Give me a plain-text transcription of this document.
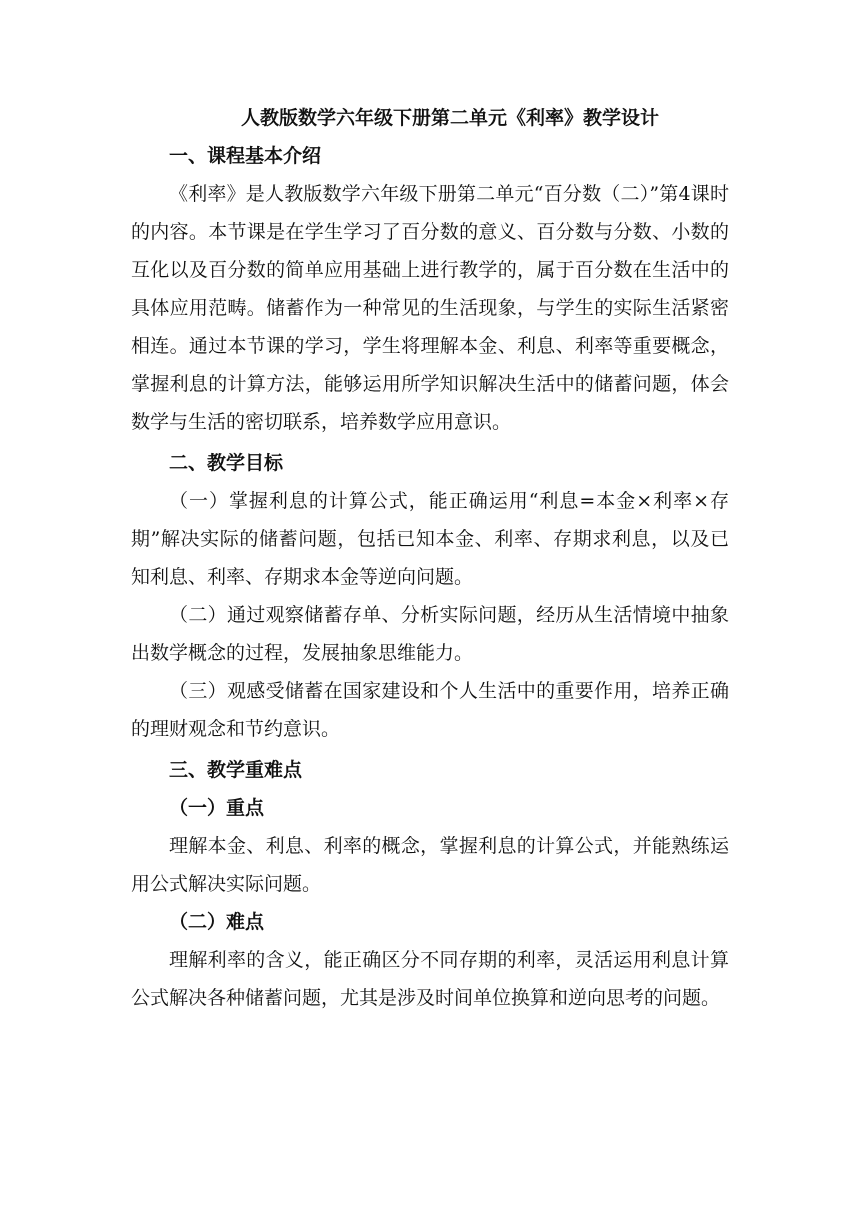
人教版数学六年级下册第二单元《利率》教学设计
一、课程基本介绍

《利率》是人教版数学六年级下册第二单元“百分数（二）”第4课时的内容。本节课是在学生学习了百分数的意义、百分数与分数、小数的互化以及百分数的简单应用基础上进行教学的，属于百分数在生活中的具体应用范畴。储蓄作为一种常见的生活现象，与学生的实际生活紧密相连。通过本节课的学习，学生将理解本金、利息、利率等重要概念，掌握利息的计算方法，能够运用所学知识解决生活中的储蓄问题，体会数学与生活的密切联系，培养数学应用意识。

二、教学目标

（一）掌握利息的计算公式，能正确运用“利息=本金×利率×存期”解决实际的储蓄问题，包括已知本金、利率、存期求利息，以及已知利息、利率、存期求本金等逆向问题。

（二）通过观察储蓄存单、分析实际问题，经历从生活情境中抽象出数学概念的过程，发展抽象思维能力。

（三）观感受储蓄在国家建设和个人生活中的重要作用，培养正确的理财观念和节约意识。

三、教学重难点
（一）重点

理解本金、利息、利率的概念，掌握利息的计算公式，并能熟练运用公式解决实际问题。

（二）难点

理解利率的含义，能正确区分不同存期的利率，灵活运用利息计算公式解决各种储蓄问题，尤其是涉及时间单位换算和逆向思考的问题。
